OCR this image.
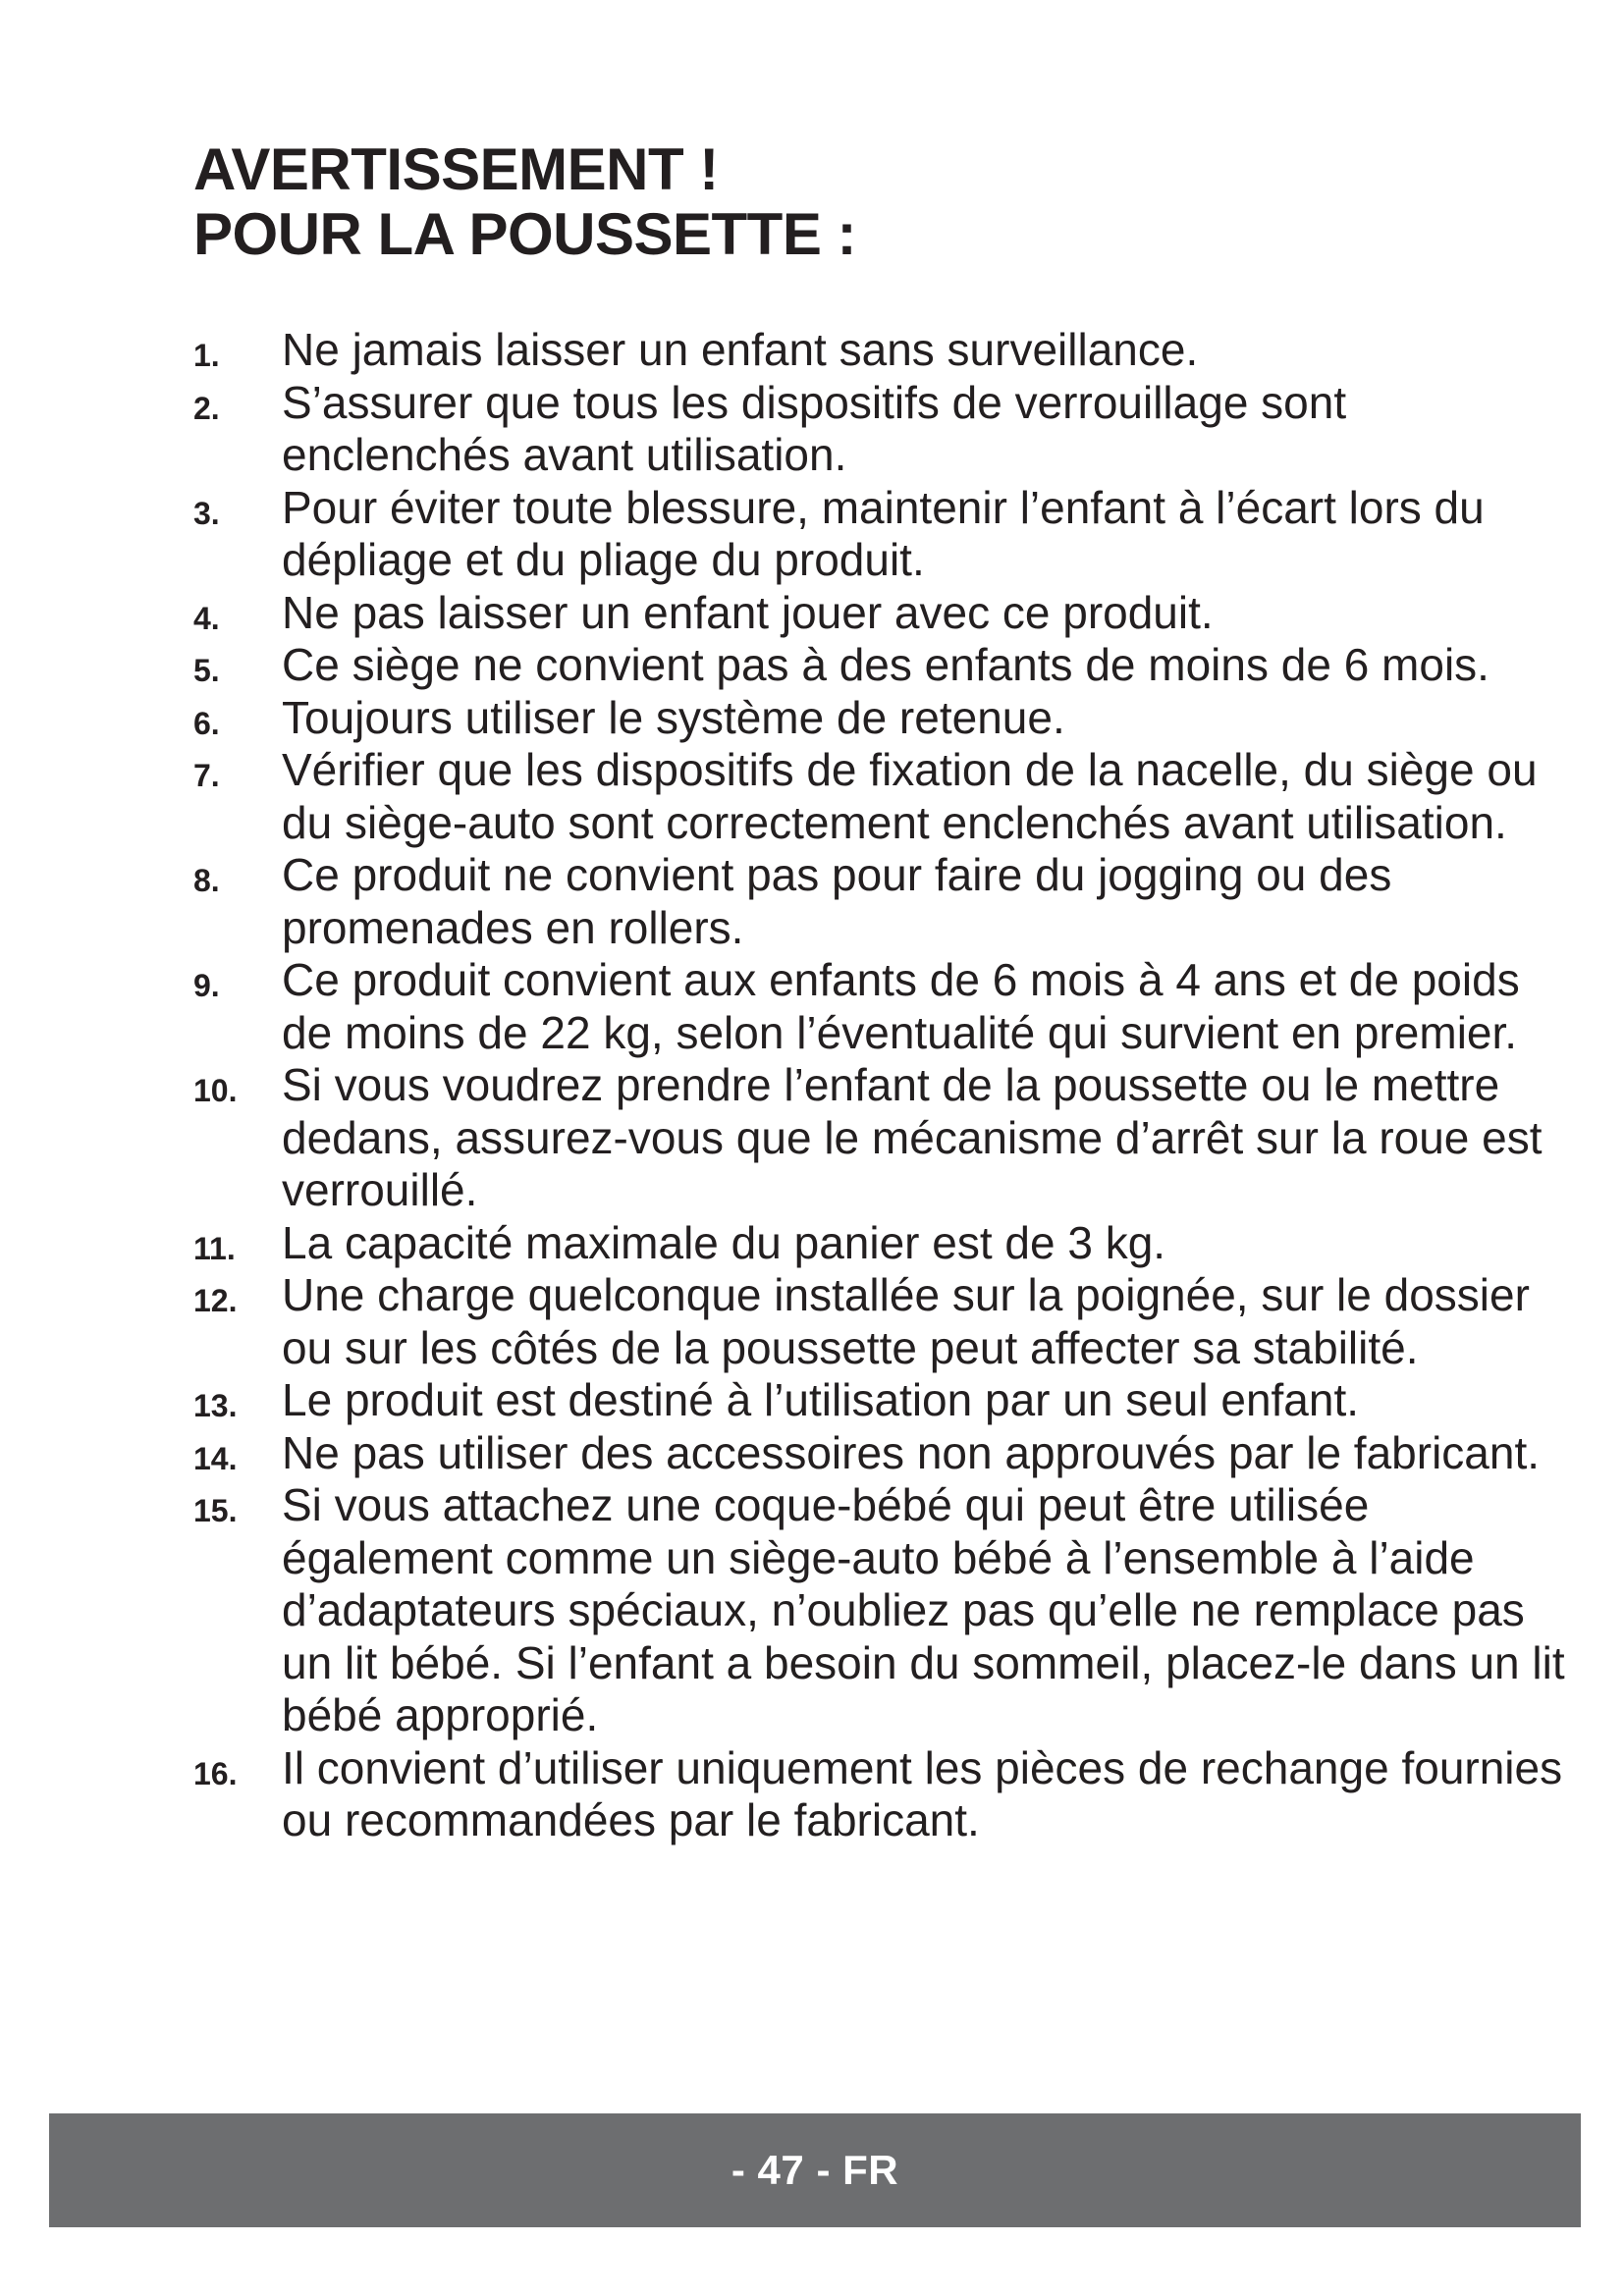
AVERTISSEMENT !
POUR LA POUSSETTE :
1. Ne jamais laisser un enfant sans surveillance.
2. S’assurer que tous les dispositifs de verrouillage sont enclenchés avant utilisation.
3. Pour éviter toute blessure, maintenir l’enfant à l’écart lors du dépliage et du pliage du produit.
4. Ne pas laisser un enfant jouer avec ce produit.
5. Ce siège ne convient pas à des enfants de moins de 6 mois.
6. Toujours utiliser le système de retenue.
7. Vérifier que les dispositifs de fixation de la nacelle, du siège ou du siège-auto sont correctement enclenchés avant utilisation.
8. Ce produit ne convient pas pour faire du jogging ou des promenades en rollers.
9. Ce produit convient aux enfants de 6 mois à 4 ans et de poids de moins de 22 kg, selon l’éventualité qui survient en premier.
10. Si vous voudrez prendre l’enfant de la poussette ou le mettre dedans, assurez-vous que le mécanisme d’arrêt sur la roue est verrouillé.
11. La capacité maximale du panier est de 3 kg.
12. Une charge quelconque installée sur la poignée, sur le dossier ou sur les côtés de la poussette peut affecter sa stabilité.
13. Le produit est destiné à l’utilisation par un seul enfant.
14. Ne pas utiliser des accessoires non approuvés par le fabricant.
15. Si vous attachez une coque-bébé qui peut être utilisée également comme un siège-auto bébé à l’ensemble à l’aide d’adaptateurs spéciaux, n’oubliez pas qu’elle ne remplace pas un lit bébé. Si l’enfant a besoin du sommeil, placez-le dans un lit bébé approprié.
16. Il convient d’utiliser uniquement les pièces de rechange fournies ou recommandées par le fabricant.
- 47 - FR
